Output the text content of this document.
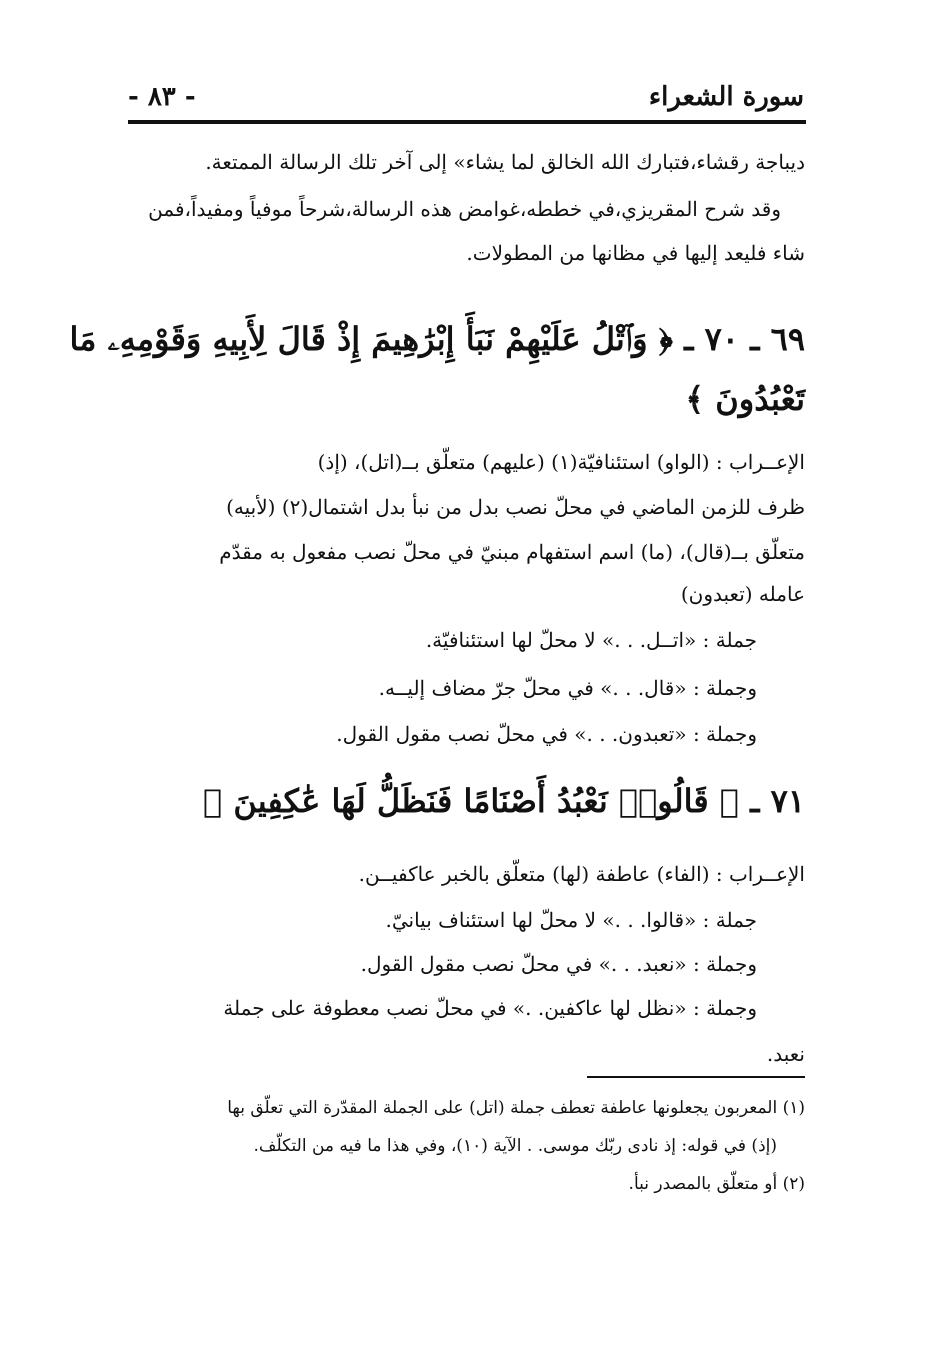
سورة الشعراء
- ٨٣ -
ديباجة رقشاء،فتبارك الله الخالق لما يشاء» إلى آخر تلك الرسالة الممتعة.
وقد شرح المقريزي،في خططه،غوامض هذه الرسالة،شرحاً موفياً ومفيداً،فمن
شاء فليعد إليها في مظانها من المطولات.
٦٩ ـ ٧٠ ـ ﴿ وَٱتْلُ عَلَيْهِمْ نَبَأَ إِبْرَٰهِيمَ إِذْ قَالَ لِأَبِيهِ وَقَوْمِهِۦ مَا
تَعْبُدُونَ ﴾
الإعــراب : (الواو) استئنافيّة(١) (عليهم) متعلّق بــ(اتل)، (إذ)
ظرف للزمن الماضي في محلّ نصب بدل من نبأ بدل اشتمال(٢) (لأبيه)
متعلّق بــ(قال)، (ما) اسم استفهام مبنيّ في محلّ نصب مفعول به مقدّم
عامله (تعبدون)
جملة : «اتــل. . .» لا محلّ لها استئنافيّة.
وجملة : «قال. . .» في محلّ جرّ مضاف إليــه.
وجملة : «تعبدون. . .» في محلّ نصب مقول القول.
٧١ ـ ﴿ قَالُوا۟ نَعْبُدُ أَصْنَامًا فَنَظَلُّ لَهَا عَٰكِفِينَ ﴾
الإعــراب : (الفاء) عاطفة (لها) متعلّق بالخبر عاكفيــن.
جملة : «قالوا. . .» لا محلّ لها استئناف بيانيّ.
وجملة : «نعبد. . .» في محلّ نصب مقول القول.
وجملة : «نظل لها عاكفين. .» في محلّ نصب معطوفة على جملة
نعبد.
(١) المعربون يجعلونها عاطفة تعطف جملة (اتل) على الجملة المقدّرة التي تعلّق بها
(إذ) في قوله: إذ نادى ربّك موسى. . الآية (١٠)، وفي هذا ما فيه من التكلّف.
(٢) أو متعلّق بالمصدر نبأ.
